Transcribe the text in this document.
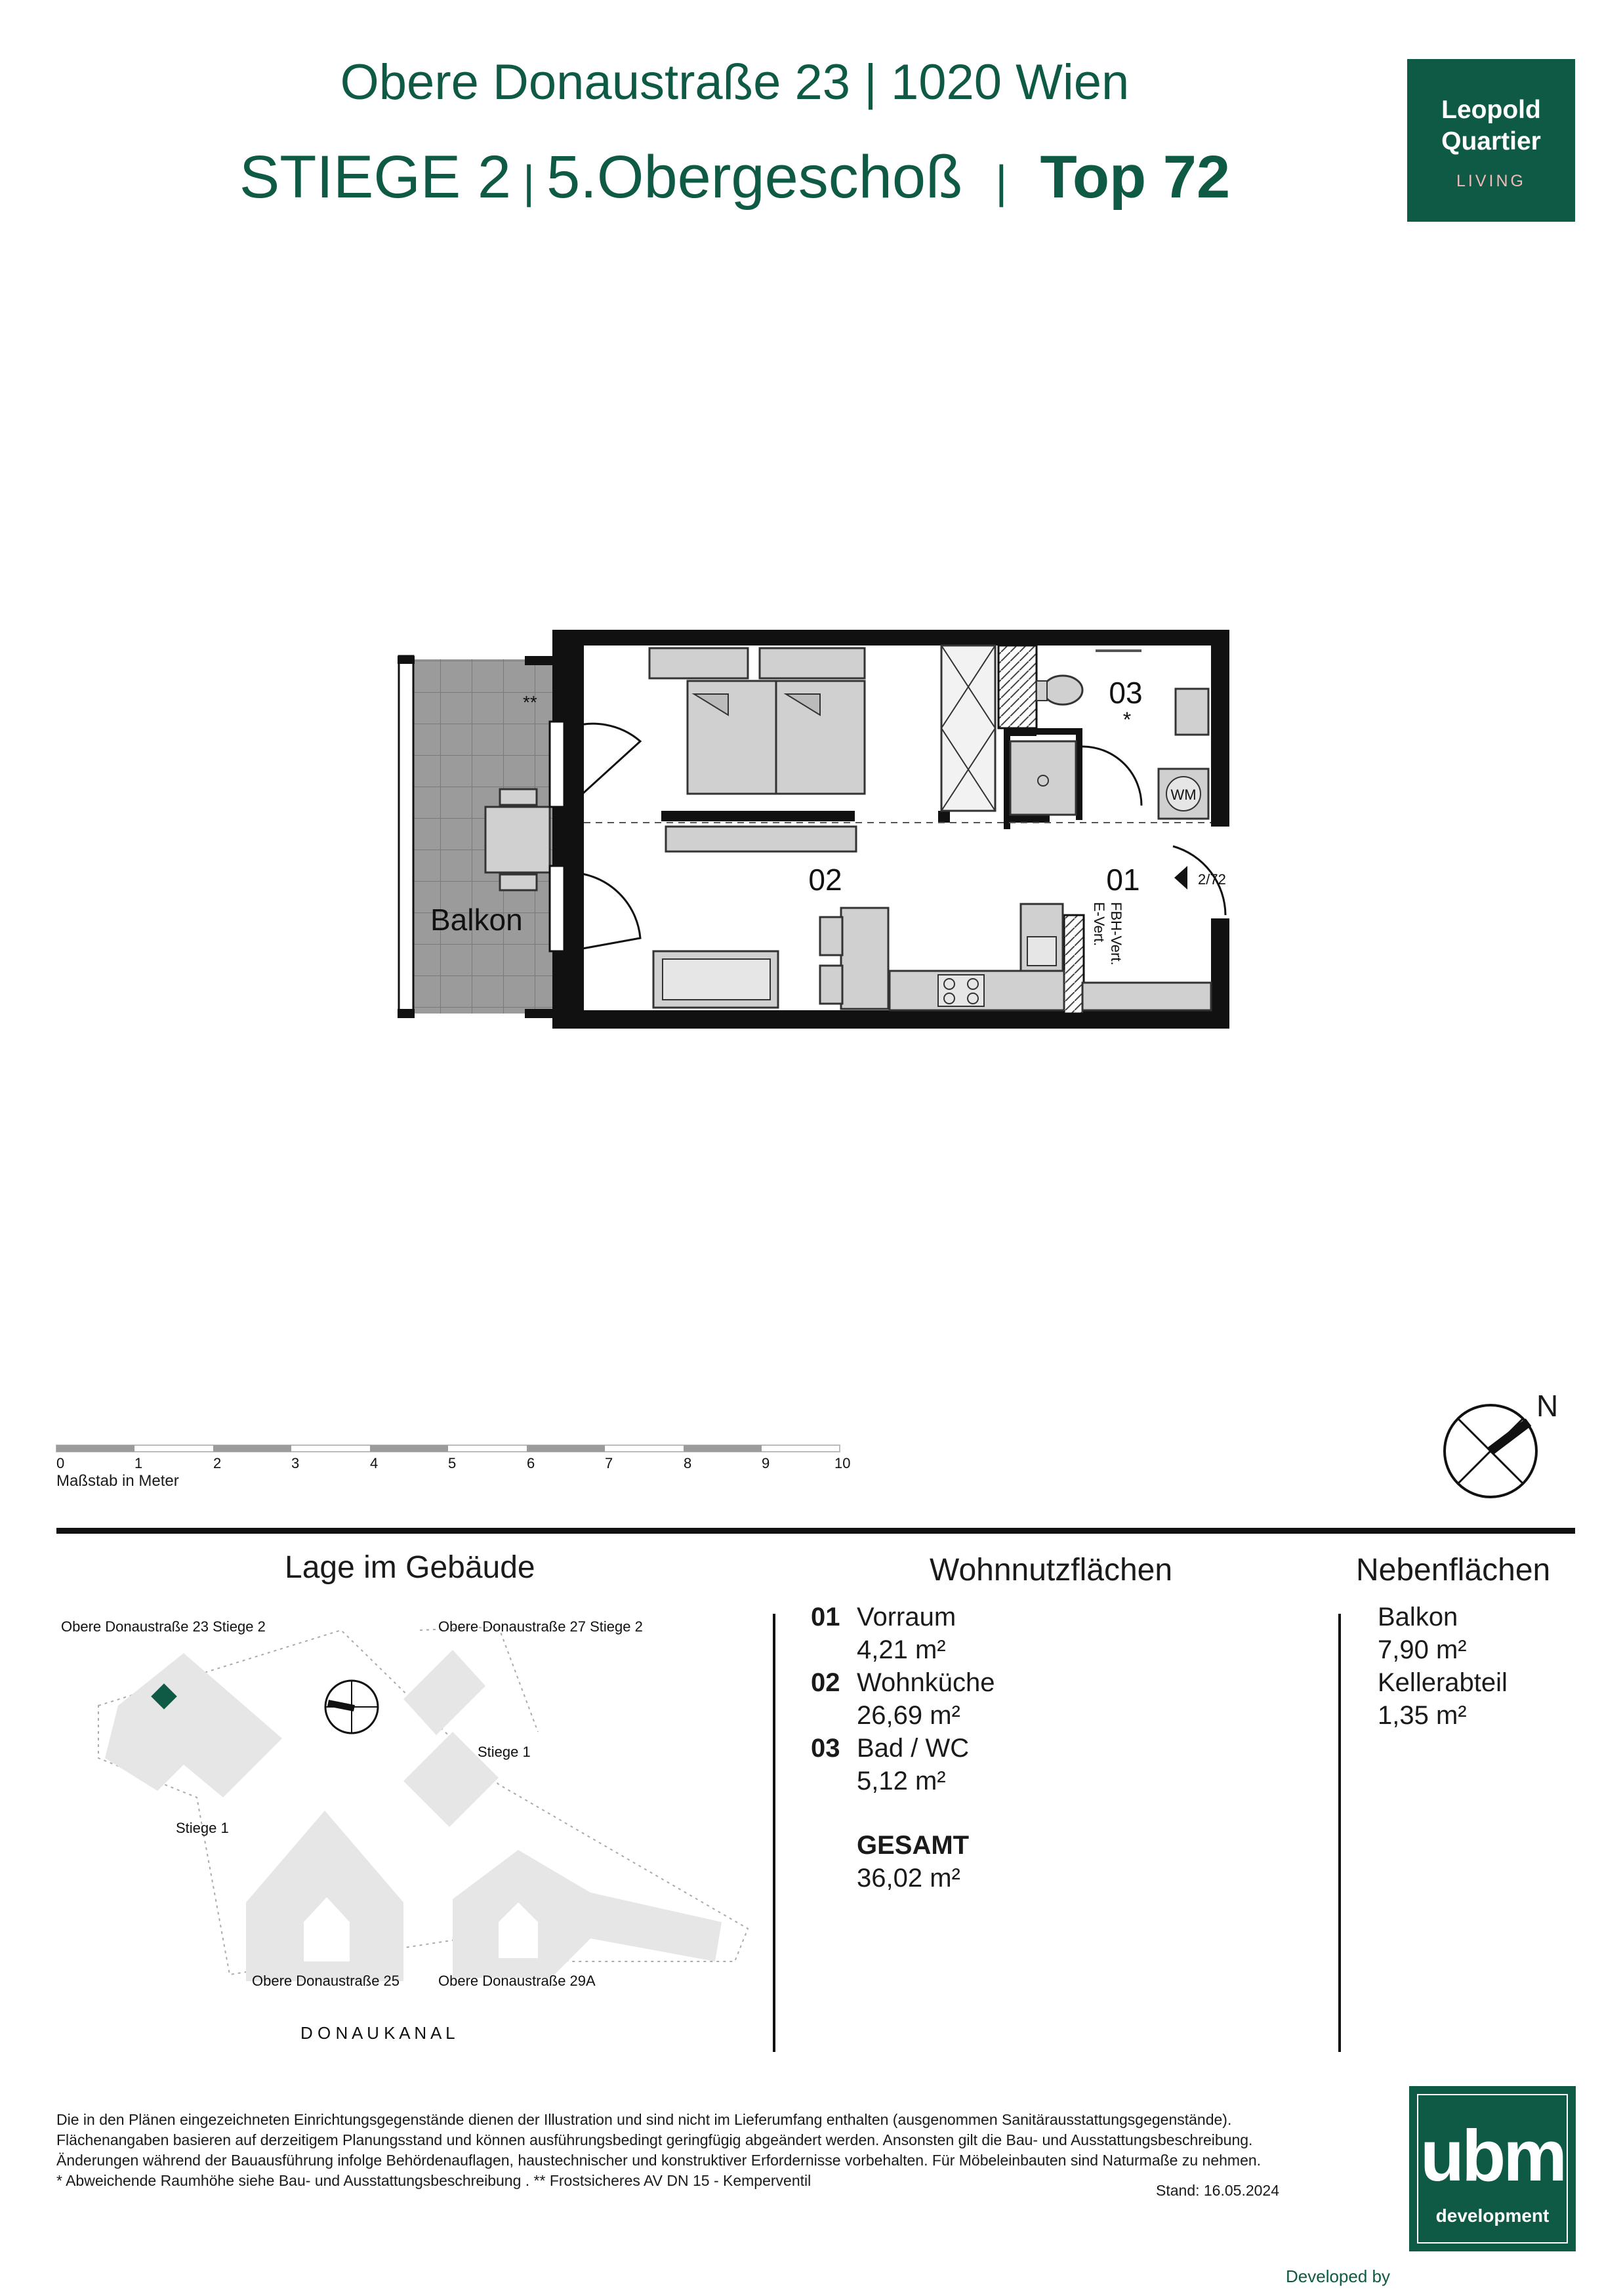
Obere Donaustraße 23 | 1020 Wien
STIEGE 2 | 5.Obergeschoß | Top 72
Leopold
Quartier
LIVING
Balkon
**
WM
2/72
FBH-Vert.
E-Vert.
02	01
03
*
0	1	2	3	4	5	6	7	8	9	10
Obere Donaustraße 23 Stiege 2	Obere Donaustraße 27 Stiege 2
Stiege 1
Stiege 1
Obere Donaustraße 25	Obere Donaustraße 29A
D O N A U K A N A L
Maßstab in Meter
N
Lage im Gebäude	Wohnnutzflächen	Nebenflächen
01 Vorraum
4,21 m²
02 Wohnküche
26,69 m²
03 Bad / WC
5,12 m²
GESAMT
36,02 m²
Balkon
7,90 m²
Kellerabteil
1,35 m²
Die in den Plänen eingezeichneten Einrichtungsgegenstände dienen der Illustration und sind nicht im Lieferumfang enthalten (ausgenommen Sanitärausstattungsgegenstände).
Flächenangaben basieren auf derzeitigem Planungsstand und können ausführungsbedingt geringfügig abgeändert werden. Ansonsten gilt die Bau- und Ausstattungsbeschreibung.
Änderungen während der Bauausführung infolge Behördenauflagen, haustechnischer und konstruktiver Erfordernisse vorbehalten. Für Möbeleinbauten sind Naturmaße zu nehmen.
* Abweichende Raumhöhe siehe Bau- und Ausstattungsbeschreibung . ** Frostsicheres AV DN 15 - Kemperventil
Stand: 16.05.2024
Developed by
ubm
development
